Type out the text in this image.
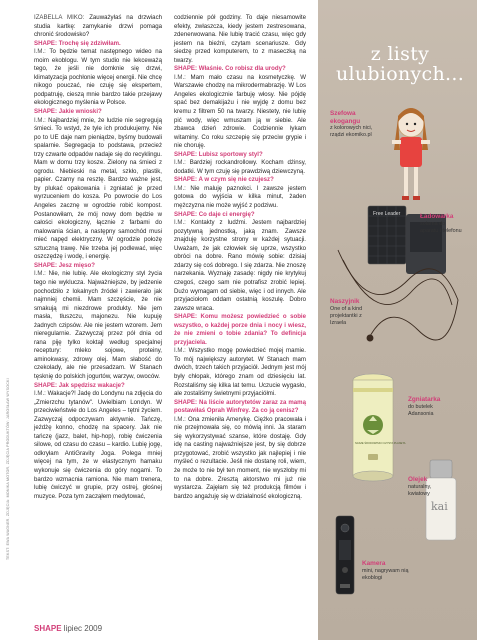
TEKST: EWA WAGNER, ZDJĘCIA: MONIKA MOTOR, ZDJĘCIA PRODUKTÓW: JAROSŁAW WYSOCKI

IZABELLA MIKO: Zauważyłaś na drzwiach studia kartkę: zamykanie drzwi pomaga chronić środowisko?

SHAPE: Trochę się zdziwiłam.

I.M.: To będzie temat następnego wideo na moim ekoblogu. W tym studio nie lekceważą tego, że jeśli nie domknie się drzwi, klimatyzacja pochłonie więcej energii. Nie chcę nikogo pouczać, nie czuję się ekspertem, podpatruję, cieszą mnie bardzo takie przejawy ekologicznego myślenia w Polsce.

SHAPE: Jakie wnioski?

I.M.: Najbardziej mnie, że ludzie nie segregują śmieci. To wstyd, że tyle ich produkujemy. Nie po to UE daje nam pieniądze, byśmy budowali spalarnie. Segregacja to podstawa, przecież trzy czwarte odpadów nadaje się do recyklingu. Mam w domu trzy kosze. Zielony na śmieci z ogrodu. Niebieski na metal, szkło, plastik, papier. Czarny na resztę. Bardzo ważne jest, by plukać opakowania i zgniatać je przed wyrzuceniem do kosza. Po powrocie do Los Angeles zacznę w ogrodzie robić kompost. Postanowiłam, że mój nowy dom będzie w całości ekologiczny, łącznie z farbami do malowania ścian, a następny samochód musi mieć napęd elektryczny. W ogrodzie położę sztuczną trawę. Nie trzeba jej podlewać, więc oszczędzę i wodę, i energię.

SHAPE: Jesz mięso?

I.M.: Nie, nie lubię. Ale ekologiczny styl życia tego nie wyklucza. Najważniejsze, by jedzenie pochodziło z lokalnych źródeł i zawierało jak najmniej chemii. Mam szczęście, że nie smakują mi niezdrowe produkty. Nie jem masła, tłuszczu, majonezu. Nie kupuję żadnych czipsów. Ale nie jestem wzorem. Jem nieregularnie. Zazwyczaj przez pół dnia od rana piję tylko koktajl według specjalnej receptury: mleko sojowe, proteiny, aminokwasy, zdrowy olej. Mam słabość do czekolady, ale nie przesadzam. W Stanach tęsknię do polskich jogurtów, warzyw, owoców.

SHAPE: Jak spędzisz wakacje?

I.M.: Wakacje?! Jadę do Londynu na zdjęcia do „Zmierzchu tytanów". Uwielbiam Londyn. W przeciwieństwie do Los Angeles – tętni życiem. Zazwyczaj odpoczywam aktywnie. Tańczę, jeżdżę konno, chodzę na spacery. Jak nie tańczę (jazz, balet, hip-hop), robię ćwiczenia silowe, od czasu do czasu – kardio. Lubię jogę, odkryłam AntiGravity Joga. Polega mniej więcej na tym, że w elastycznym hamaku wykonuje się ćwiczenia do góry nogami. To bardzo wzmacnia ramiona. Nie mam trenera, lubię ćwiczyć w grupie, przy ostrej, głośnej muzyce. Poza tym zacząłem medytować,

codziennie pół godziny. To daje niesamowite efekty, zwłaszcza, kiedy jestem zestresowana, zdenerwowana. Nie lubię tracić czasu, więc gdy jestem na bieżni, czytam scenariusze. Gdy siedzę przed komputerem, to z maseczką na twarzy.

SHAPE: Właśnie. Co robisz dla urody?

I.M.: Mam mało czasu na kosmetyczkę. W Warszawie chodzę na mikrodermabrazję. W Los Angeles ekologicznie farbuję włosy. Nie pójdę spać bez demakijażu i nie wyjdę z domu bez kremu z filtrem 50 na twarzy. Niestety, nie lubię pić wody, więc wmuszam ją w siebie. Ale zbawca dzień zdrowie. Codziennie łykam witaminy. Co roku szczepię się przeciw grypie i nie choruję.

SHAPE: Lubisz sportowy styl?

I.M.: Bardziej rockandrollowy. Kocham dżinsy, dodatki. W tym czuję się prawdziwą dziewczyną.

SHAPE: A w czym się nie czujesz?

I.M.: Nie maluję paznokci. I zawsze jestem gotowa do wyjścia w kilka minut, żaden mężczyzna nie może wyjść z podziwu.

SHAPE: Co daje ci energię?

I.M.: Kontakty z ludźmi. Jestem najbardziej pozytywną jednostką, jaką znam. Zawsze znajduję korzystne strony w każdej sytuacji. Uważam, że jak człowiek się uprze, wszystko obróci na dobre. Rano mówię sobie: dzisiaj zdarzy się coś dobrego. I się zdarza. Nie znoszę narzekania. Wyznaję zasadę: nigdy nie krytykuj czegoś, czego sam nie potrafisz zrobić lepiej. Dużo wymagam od siebie, więc i od innych. Ale przyjaciołom oddam ostatnią koszulę. Dobro zawsze wraca.

SHAPE: Komu możesz powiedzieć o sobie wszystko, o każdej porze dnia i nocy i wiesz, że nie zmieni o tobie zdania? To definicja przyjaciela.

I.M.: Wszystko mogę powiedzieć mojej mamie. To mój największy autorytet. W Stanach mam dwóch, trzech takich przyjaciół. Jednym jest mój były chłopak, którego znam od dziesięciu lat. Rozstaliśmy się kilka lat temu. Uczucie wygasło, ale zostaliśmy świetnymi przyjaciółmi.

SHAPE: Na liście autorytetów zaraz za mamą postawiłaś Oprah Winfrey. Za co ją cenisz?

I.M.: Ona zmieniła Amerykę. Ciężko pracowała i nie przejmowała się, co mówią inni. Ja staram się wykorzystywać szanse, które dostaję. Gdy idę na casting najważniejsze jest, by się dobrze przygotować, zrobić wszystko jak najlepiej i nie myśleć o rezultacie. Jeśli nie dostanę roli, wiem, że może to nie był ten moment, nie wyszłoby mi to na dobre. Zresztą aktorstwo mi już nie wystarcza. Zajęłam się też produkcją filmów i bardzo angażuję się w działalność ekologiczną.

SHAPE lipiec 2009
z listy ulubionych...
Free Leader
NASZE ŚRODOWISKO CZYSTA PLANETA
kai
Szefowa ekogangu
z kolorowych nici, rządzi ekomiko.pl
Ładowarka
solarna do aparatu i telefonu
Naszyjnik
One of a kind projektantki z Izraela
Zgniatarka
do butelek Adansonia
Olejek
naturalny, kwiatowy
Kamera
mini, nagrywam nią ekoblogi
